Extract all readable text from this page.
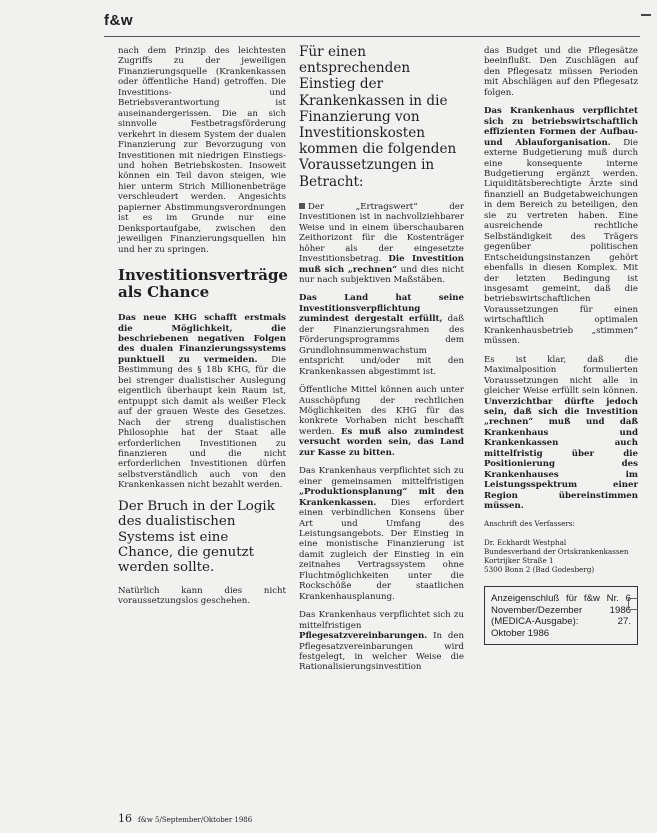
f&w

nach dem Prinzip des leichtesten Zugriffs zu der jeweiligen Finanzierungsquelle (Krankenkassen oder öffentliche Hand) getroffen. Die Investitions- und Betriebsverantwortung ist auseinandergerissen. Die an sich sinnvolle Festbetragsförderung verkehrt in diesem System der dualen Finanzierung zur Bevorzugung von Investitionen mit niedrigen Einstiegs- und hohen Betriebskosten. Insoweit können ein Teil davon steigen, wie hier unterm Strich Millionenbeträge verschleudert werden. Angesichts papierner Abstimmungsverordnungen ist es im Grunde nur eine Denksportaufgabe, zwischen den jeweiligen Finanzierungsquellen hin und her zu springen.

Investitionsverträge als Chance

Das neue KHG schafft erstmals die Möglichkeit, die beschriebenen negativen Folgen des dualen Finanzierungssystems punktuell zu vermeiden. Die Bestimmung des § 18b KHG, für die bei strenger dualistischer Auslegung eigentlich überhaupt kein Raum ist, entpuppt sich damit als weißer Fleck auf der grauen Weste des Gesetzes. Nach der streng dualistischen Philosophie hat der Staat alle erforderlichen Investitionen zu finanzieren und die nicht erforderlichen Investitionen dürfen selbstverständlich auch von den Krankenkassen nicht bezahlt werden.

Der Bruch in der Logik des dualistischen Systems ist eine Chance, die genutzt werden sollte.

Natürlich kann dies nicht voraussetzungslos geschehen.

Für einen entsprechenden Einstieg der Krankenkassen in die Finanzierung von Investitionskosten kommen die folgenden Voraussetzungen in Betracht:

Der „Ertragswert“ der Investitionen ist in nachvollziehbarer Weise und in einem überschaubaren Zeithorizont für die Kostenträger höher als der eingesetzte Investitionsbetrag. Die Investition muß sich „rechnen“ und dies nicht nur nach subjektiven Maßstäben.

Das Land hat seine Investitionsverpflichtung zumindest dergestalt erfüllt, daß der Finanzierungsrahmen des Förderungsprogramms dem Grundlohnsummenwachstum entspricht und/oder mit den Krankenkassen abgestimmt ist.

Öffentliche Mittel können auch unter Ausschöpfung der rechtlichen Möglichkeiten des KHG für das konkrete Vorhaben nicht beschafft werden. Es muß also zumindest versucht worden sein, das Land zur Kasse zu bitten.

Das Krankenhaus verpflichtet sich zu einer gemeinsamen mittelfristigen „Produktionsplanung“ mit den Krankenkassen. Dies erfordert einen verbindlichen Konsens über Art und Umfang des Leistungsangebots. Der Einstieg in eine monistische Finanzierung ist damit zugleich der Einstieg in ein zeitnahes Vertragssystem ohne Fluchtmöglichkeiten unter die Rockschöße der staatlichen Krankenhausplanung.

Das Krankenhaus verpflichtet sich zu mittelfristigen Pflegesatzvereinbarungen. In den Pflegesatzvereinbarungen wird festgelegt, in welcher Weise die Rationalisierungsinvestition

das Budget und die Pflegesätze beeinflußt. Den Zuschlägen auf den Pflegesatz müssen Perioden mit Abschlägen auf den Pflegesatz folgen.

Das Krankenhaus verpflichtet sich zu betriebswirtschaftlich effizienten Formen der Aufbau- und Ablauforganisation. Die externe Budgetierung muß durch eine konsequente interne Budgetierung ergänzt werden. Liquiditätsberechtigte Ärzte sind finanziell an Budgetabweichungen in dem Bereich zu beteiligen, den sie zu vertreten haben. Eine ausreichende rechtliche Selbständigkeit des Trägers gegenüber politischen Entscheidungsinstanzen gehört ebenfalls in diesen Komplex. Mit der letzten Bedingung ist insgesamt gemeint, daß die betriebswirtschaftlichen Voraussetzungen für einen wirtschaftlich optimalen Krankenhausbetrieb „stimmen“ müssen.

Es ist klar, daß die Maximalposition formulierten Voraussetzungen nicht alle in gleicher Weise erfüllt sein können. Unverzichtbar dürfte jedoch sein, daß sich die Investition „rechnen“ muß und daß Krankenhaus und Krankenkassen auch mittelfristig über die Positionierung des Krankenhauses im Leistungsspektrum einer Region übereinstimmen müssen.

Anschrift des Verfassers:
Dr. Eckhardt Westphal
Bundesverband der Ortskrankenkassen
Kortrijker Straße 1
5300 Bonn 2 (Bad Godesberg)
Anzeigenschluß für f&w Nr. 6 November/Dezember 1986 (MEDICA-Ausgabe): 27. Oktober 1986
16 f&w 5/September/Oktober 1986
